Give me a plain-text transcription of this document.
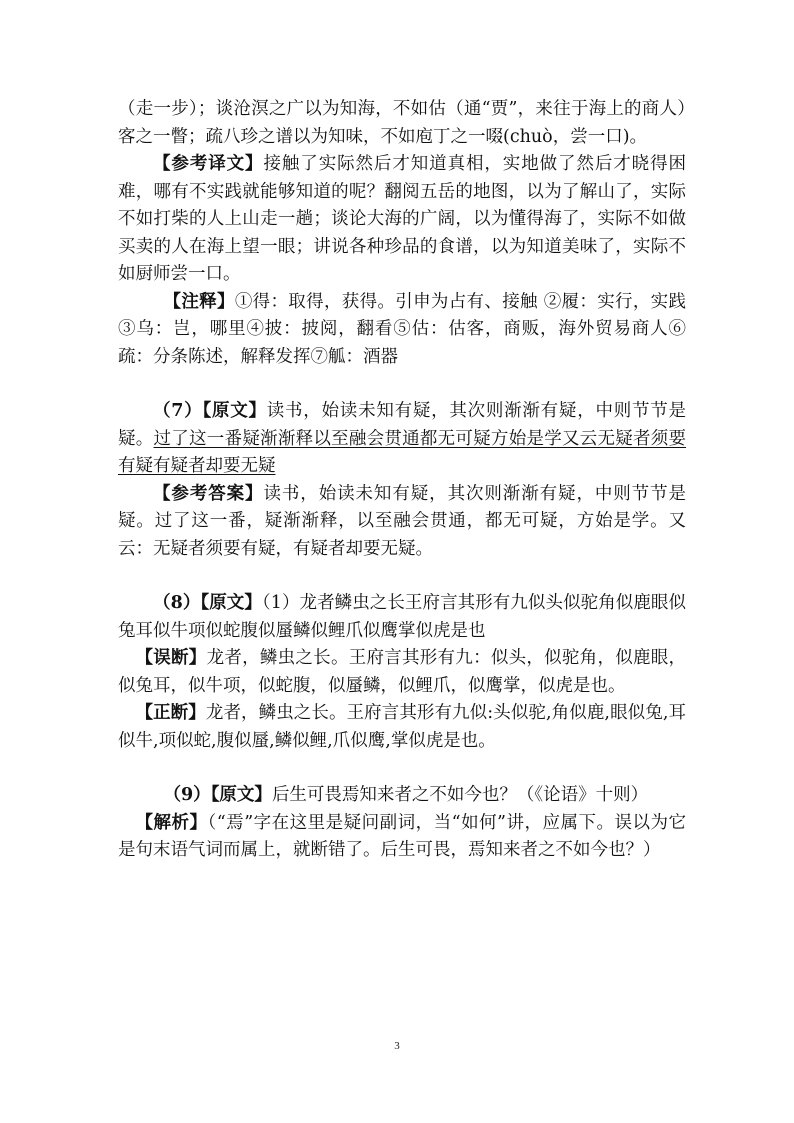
（走一步）；谈沧溟之广以为知海，不如估（通“贾”，来往于海上的商人）客之一瞥；疏八珍之谱以为知味，不如庖丁之一啜(chuò，尝一口)。

【参考译文】接触了实际然后才知道真相，实地做了然后才晓得困难，哪有不实践就能够知道的呢？翻阅五岳的地图，以为了解山了，实际不如打柴的人上山走一趟；谈论大海的广阔，以为懂得海了，实际不如做买卖的人在海上望一眼；讲说各种珍品的食谱，以为知道美味了，实际不如厨师尝一口。

【注释】①得：取得，获得。引申为占有、接触 ②履：实行，实践③乌：岂，哪里④披：披阅，翻看⑤估：估客，商贩，海外贸易商人⑥疏：分条陈述，解释发挥⑦觚：酒器

（7）【原文】读书，始读未知有疑，其次则渐渐有疑，中则节节是疑。过了这一番疑渐渐释以至融会贯通都无可疑方始是学又云无疑者须要有疑有疑者却要无疑

【参考答案】读书，始读未知有疑，其次则渐渐有疑，中则节节是疑。过了这一番，疑渐渐释，以至融会贯通，都无可疑，方始是学。又云：无疑者须要有疑，有疑者却要无疑。

（8）【原文】（1）龙者鳞虫之长王府言其形有九似头似驼角似鹿眼似兔耳似牛项似蛇腹似蜃鳞似鲤爪似鹰掌似虎是也

【误断】龙者，鳞虫之长。王府言其形有九：似头，似驼角，似鹿眼，似兔耳，似牛项，似蛇腹，似蜃鳞，似鲤爪，似鹰掌，似虎是也。

【正断】龙者，鳞虫之长。王府言其形有九似:头似驼,角似鹿,眼似兔,耳似牛,项似蛇,腹似蜃,鳞似鲤,爪似鹰,掌似虎是也。

（9）【原文】后生可畏焉知来者之不如今也？（《论语》十则）

【解析】（“焉”字在这里是疑问副词，当“如何”讲，应属下。误以为它是句末语气词而属上，就断错了。后生可畏，焉知来者之不如今也？）

3
